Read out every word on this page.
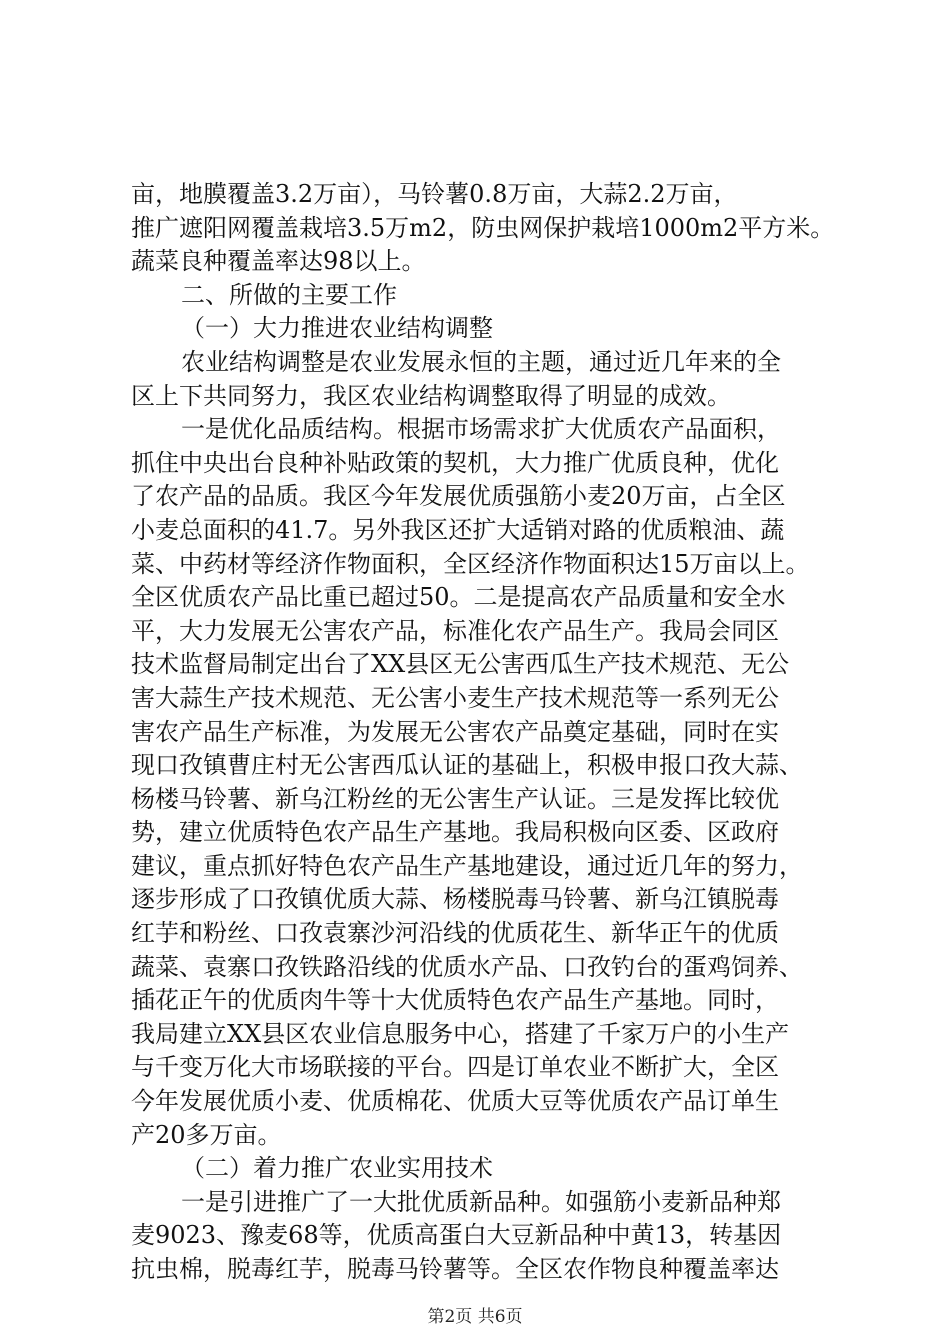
亩，地膜覆盖3.2万亩），马铃薯0.8万亩，大蒜2.2万亩，
推广遮阳网覆盖栽培3.5万m2，防虫网保护栽培1000m2平方米。
蔬菜良种覆盖率达98以上。
二、所做的主要工作
（一）大力推进农业结构调整
农业结构调整是农业发展永恒的主题，通过近几年来的全
区上下共同努力，我区农业结构调整取得了明显的成效。
一是优化品质结构。根据市场需求扩大优质农产品面积，
抓住中央出台良种补贴政策的契机，大力推广优质良种，优化
了农产品的品质。我区今年发展优质强筋小麦20万亩，占全区
小麦总面积的41.7。另外我区还扩大适销对路的优质粮油、蔬
菜、中药材等经济作物面积，全区经济作物面积达15万亩以上。
全区优质农产品比重已超过50。二是提高农产品质量和安全水
平，大力发展无公害农产品，标准化农产品生产。我局会同区
技术监督局制定出台了XX县区无公害西瓜生产技术规范、无公
害大蒜生产技术规范、无公害小麦生产技术规范等一系列无公
害农产品生产标准，为发展无公害农产品奠定基础，同时在实
现口孜镇曹庄村无公害西瓜认证的基础上，积极申报口孜大蒜、
杨楼马铃薯、新乌江粉丝的无公害生产认证。三是发挥比较优
势，建立优质特色农产品生产基地。我局积极向区委、区政府
建议，重点抓好特色农产品生产基地建设，通过近几年的努力，
逐步形成了口孜镇优质大蒜、杨楼脱毒马铃薯、新乌江镇脱毒
红芋和粉丝、口孜袁寨沙河沿线的优质花生、新华正午的优质
蔬菜、袁寨口孜铁路沿线的优质水产品、口孜钓台的蛋鸡饲养、
插花正午的优质肉牛等十大优质特色农产品生产基地。同时，
我局建立XX县区农业信息服务中心，搭建了千家万户的小生产
与千变万化大市场联接的平台。四是订单农业不断扩大，全区
今年发展优质小麦、优质棉花、优质大豆等优质农产品订单生
产20多万亩。
（二）着力推广农业实用技术
一是引进推广了一大批优质新品种。如强筋小麦新品种郑
麦9023、豫麦68等，优质高蛋白大豆新品种中黄13，转基因
抗虫棉，脱毒红芋，脱毒马铃薯等。全区农作物良种覆盖率达
第2页 共6页
